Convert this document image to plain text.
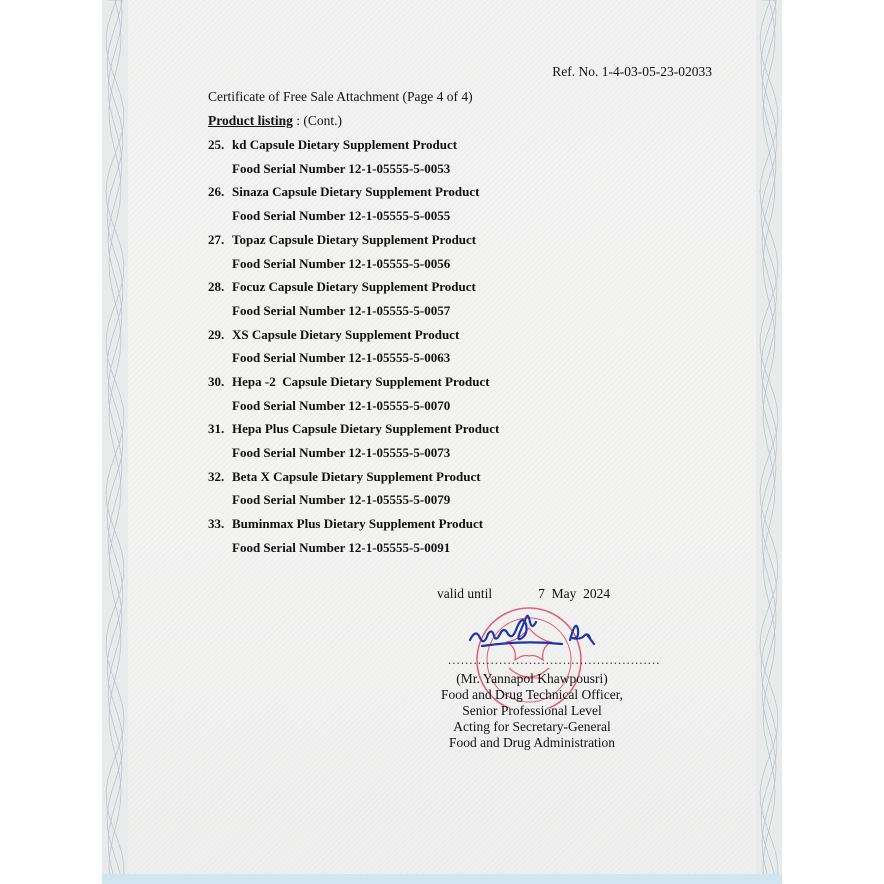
Ref. No. 1-4-03-05-23-02033
Certificate of Free Sale Attachment (Page 4 of 4)
Product listing : (Cont.)
25. kd Capsule Dietary Supplement Product
Food Serial Number 12-1-05555-5-0053
26. Sinaza Capsule Dietary Supplement Product
Food Serial Number 12-1-05555-5-0055
27. Topaz Capsule Dietary Supplement Product
Food Serial Number 12-1-05555-5-0056
28. Focuz Capsule Dietary Supplement Product
Food Serial Number 12-1-05555-5-0057
29. XS Capsule Dietary Supplement Product
Food Serial Number 12-1-05555-5-0063
30. Hepa -2  Capsule Dietary Supplement Product
Food Serial Number 12-1-05555-5-0070
31. Hepa Plus Capsule Dietary Supplement Product
Food Serial Number 12-1-05555-5-0073
32. Beta X Capsule Dietary Supplement Product
Food Serial Number 12-1-05555-5-0079
33. Buminmax Plus Dietary Supplement Product
Food Serial Number 12-1-05555-5-0091
valid until	7  May  2024
..................................................
(Mr. Yannapol Khawpousri)
Food and Drug Technical Officer,
Senior Professional Level
Acting for Secretary-General
Food and Drug Administration
